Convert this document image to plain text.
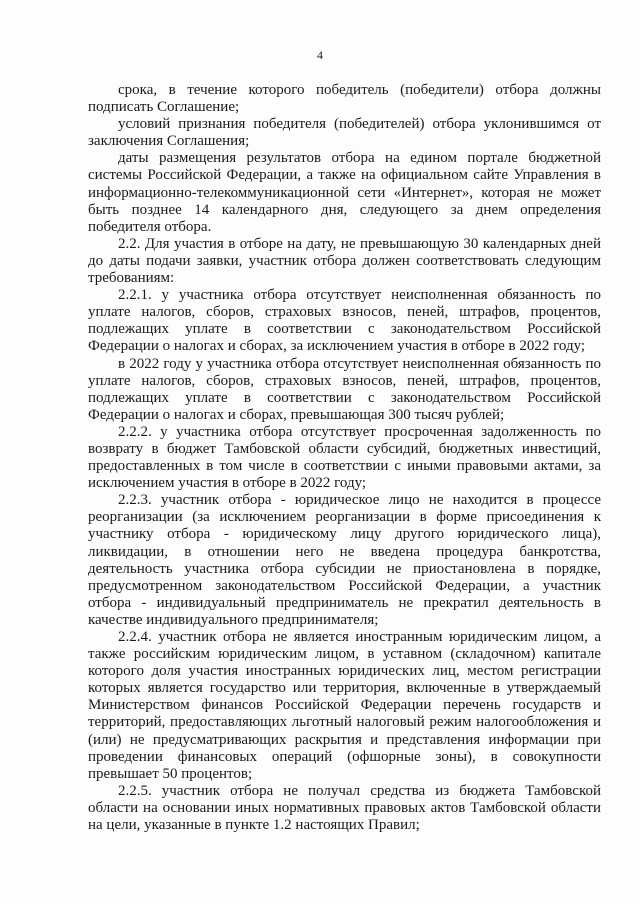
4

срока, в течение которого победитель (победители) отбора должны подписать Соглашение;

условий признания победителя (победителей) отбора уклонившимся от заключения Соглашения;

даты размещения результатов отбора на едином портале бюджетной системы Российской Федерации, а также на официальном сайте Управления в информационно-телекоммуникационной сети «Интернет», которая не может быть позднее 14 календарного дня, следующего за днем определения победителя отбора.

2.2. Для участия в отборе на дату, не превышающую 30 календарных дней до даты подачи заявки, участник отбора должен соответствовать следующим требованиям:

2.2.1. у участника отбора отсутствует неисполненная обязанность по уплате налогов, сборов, страховых взносов, пеней, штрафов, процентов, подлежащих уплате в соответствии с законодательством Российской Федерации о налогах и сборах, за исключением участия в отборе в 2022 году;

в 2022 году у участника отбора отсутствует неисполненная обязанность по уплате налогов, сборов, страховых взносов, пеней, штрафов, процентов, подлежащих уплате в соответствии с законодательством Российской Федерации о налогах и сборах, превышающая 300 тысяч рублей;

2.2.2. у участника отбора отсутствует просроченная задолженность по возврату в бюджет Тамбовской области субсидий, бюджетных инвестиций, предоставленных в том числе в соответствии с иными правовыми актами, за исключением участия в отборе в 2022 году;

2.2.3. участник отбора - юридическое лицо не находится в процессе реорганизации (за исключением реорганизации в форме присоединения к участнику отбора - юридическому лицу другого юридического лица), ликвидации, в отношении него не введена процедура банкротства, деятельность участника отбора субсидии не приостановлена в порядке, предусмотренном законодательством Российской Федерации, а участник отбора - индивидуальный предприниматель не прекратил деятельность в качестве индивидуального предпринимателя;

2.2.4. участник отбора не является иностранным юридическим лицом, а также российским юридическим лицом, в уставном (складочном) капитале которого доля участия иностранных юридических лиц, местом регистрации которых является государство или территория, включенные в утверждаемый Министерством финансов Российской Федерации перечень государств и территорий, предоставляющих льготный налоговый режим налогообложения и (или) не предусматривающих раскрытия и представления информации при проведении финансовых операций (офшорные зоны), в совокупности превышает 50 процентов;

2.2.5. участник отбора не получал средства из бюджета Тамбовской области на основании иных нормативных правовых актов Тамбовской области на цели, указанные в пункте 1.2 настоящих Правил;
